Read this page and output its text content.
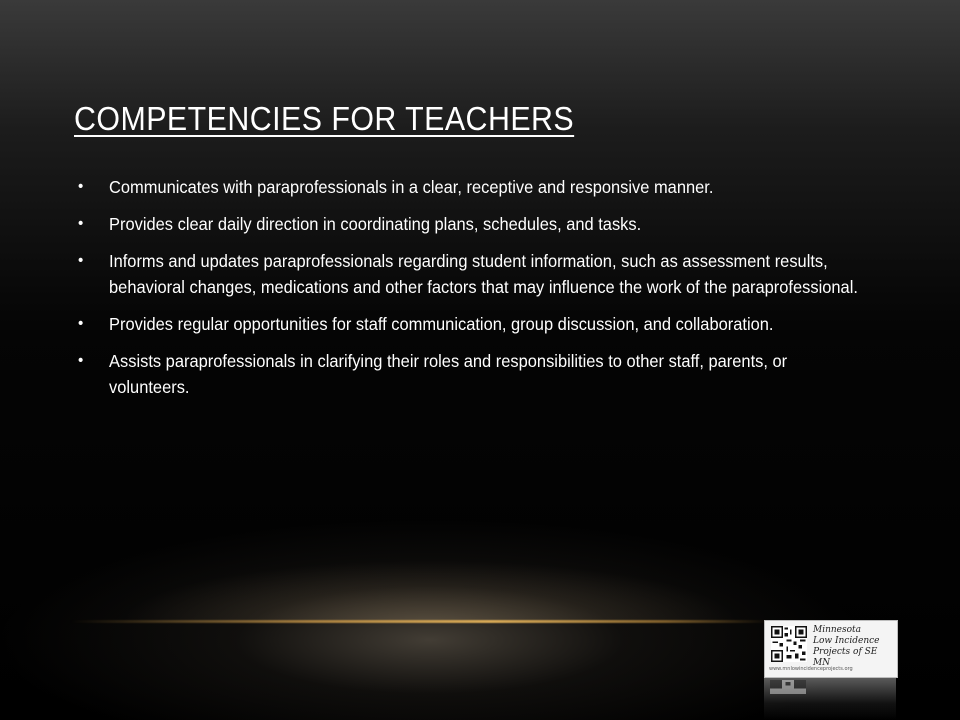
COMPETENCIES FOR TEACHERS
• Communicates with paraprofessionals in a clear, receptive and responsive manner.
• Provides clear daily direction in coordinating plans, schedules, and tasks.
• Informs and updates paraprofessionals regarding student information, such as assessment results, behavioral changes, medications and other factors that may influence the work of the paraprofessional.
• Provides regular opportunities for staff communication, group discussion, and collaboration.
• Assists paraprofessionals in clarifying their roles and responsibilities to other staff, parents, or volunteers.
Minnesota
Low Incidence
Projects of SE MN
www.mnlowincidenceprojects.org
